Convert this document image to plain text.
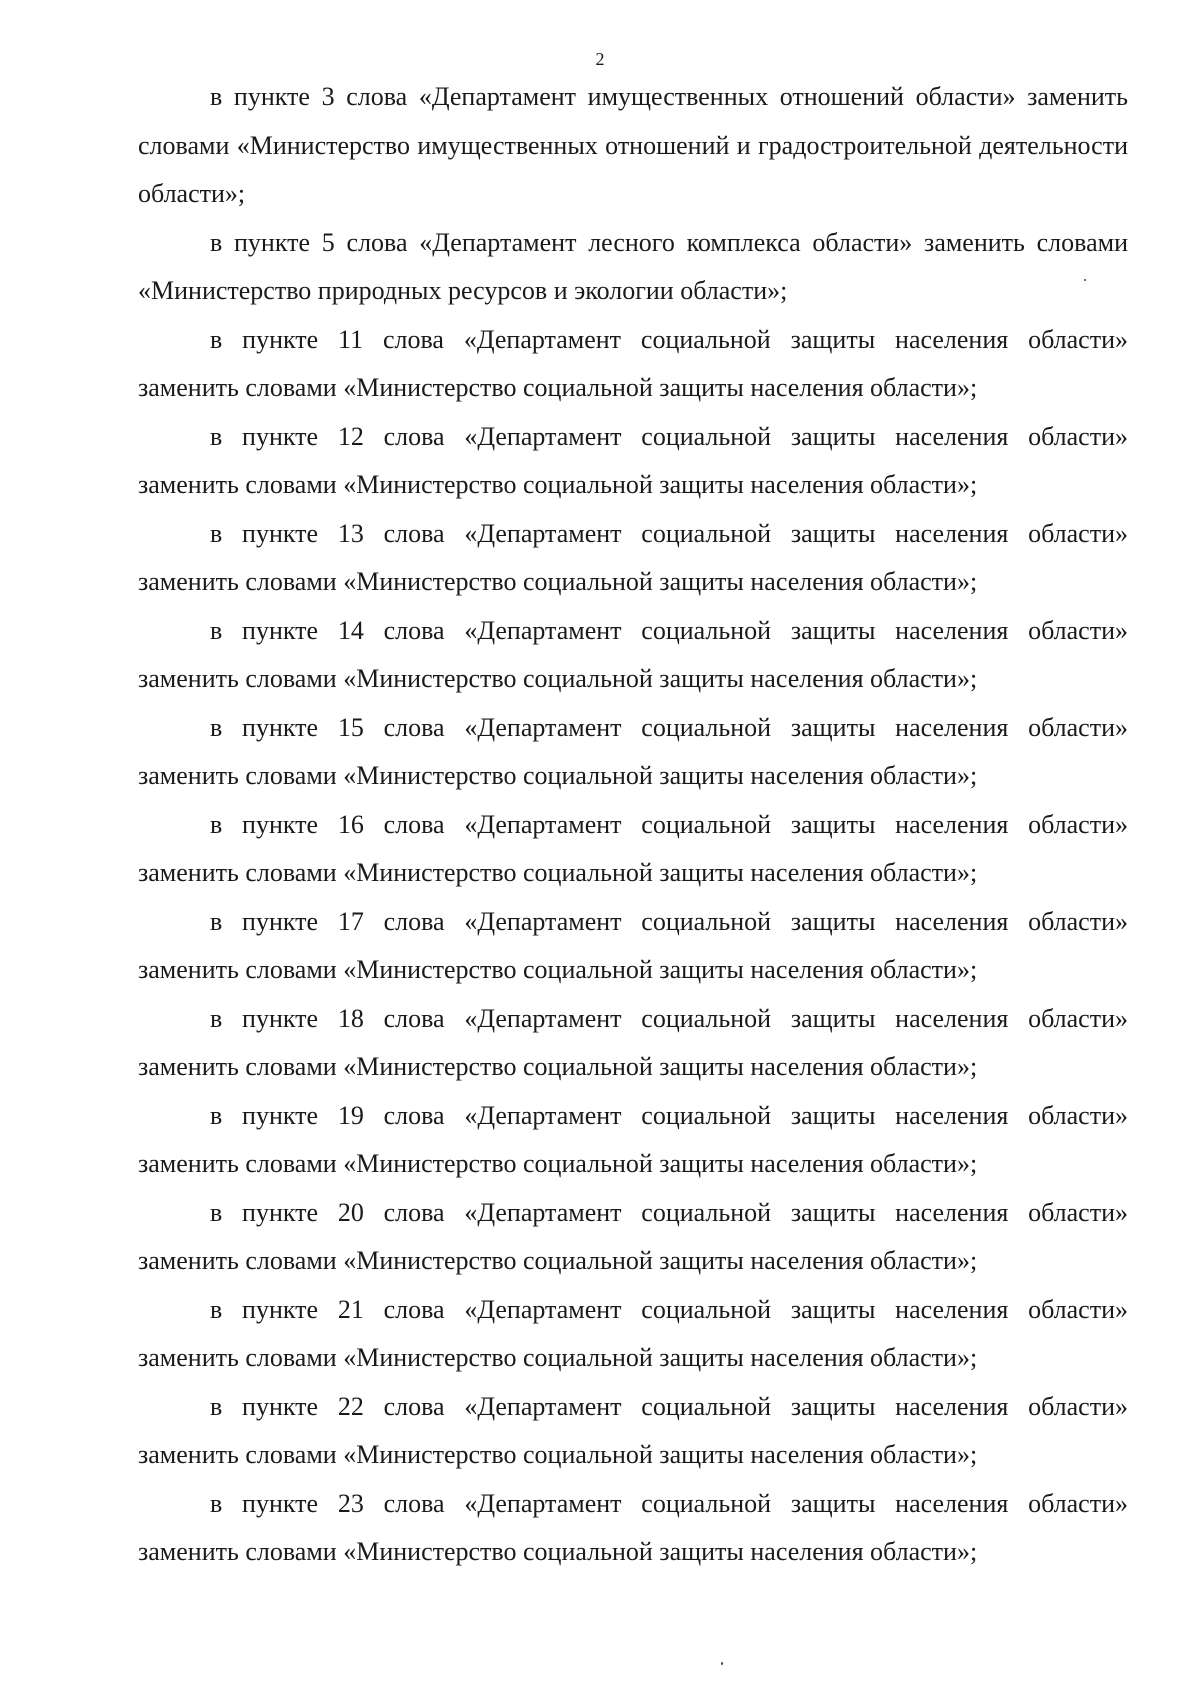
2

в пункте 3 слова «Департамент имущественных отношений области» заменить словами «Министерство имущественных отношений и градостроительной деятельности области»;

в пункте 5 слова «Департамент лесного комплекса области» заменить словами «Министерство природных ресурсов и экологии области»;

в пункте 11 слова «Департамент социальной защиты населения области» заменить словами «Министерство социальной защиты населения области»;

в пункте 12 слова «Департамент социальной защиты населения области» заменить словами «Министерство социальной защиты населения области»;

в пункте 13 слова «Департамент социальной защиты населения области» заменить словами «Министерство социальной защиты населения области»;

в пункте 14 слова «Департамент социальной защиты населения области» заменить словами «Министерство социальной защиты населения области»;

в пункте 15 слова «Департамент социальной защиты населения области» заменить словами «Министерство социальной защиты населения области»;

в пункте 16 слова «Департамент социальной защиты населения области» заменить словами «Министерство социальной защиты населения области»;

в пункте 17 слова «Департамент социальной защиты населения области» заменить словами «Министерство социальной защиты населения области»;

в пункте 18 слова «Департамент социальной защиты населения области» заменить словами «Министерство социальной защиты населения области»;

в пункте 19 слова «Департамент социальной защиты населения области» заменить словами «Министерство социальной защиты населения области»;

в пункте 20 слова «Департамент социальной защиты населения области» заменить словами «Министерство социальной защиты населения области»;

в пункте 21 слова «Департамент социальной защиты населения области» заменить словами «Министерство социальной защиты населения области»;

в пункте 22 слова «Департамент социальной защиты населения области» заменить словами «Министерство социальной защиты населения области»;

в пункте 23 слова «Департамент социальной защиты населения области» заменить словами «Министерство социальной защиты населения области»;
